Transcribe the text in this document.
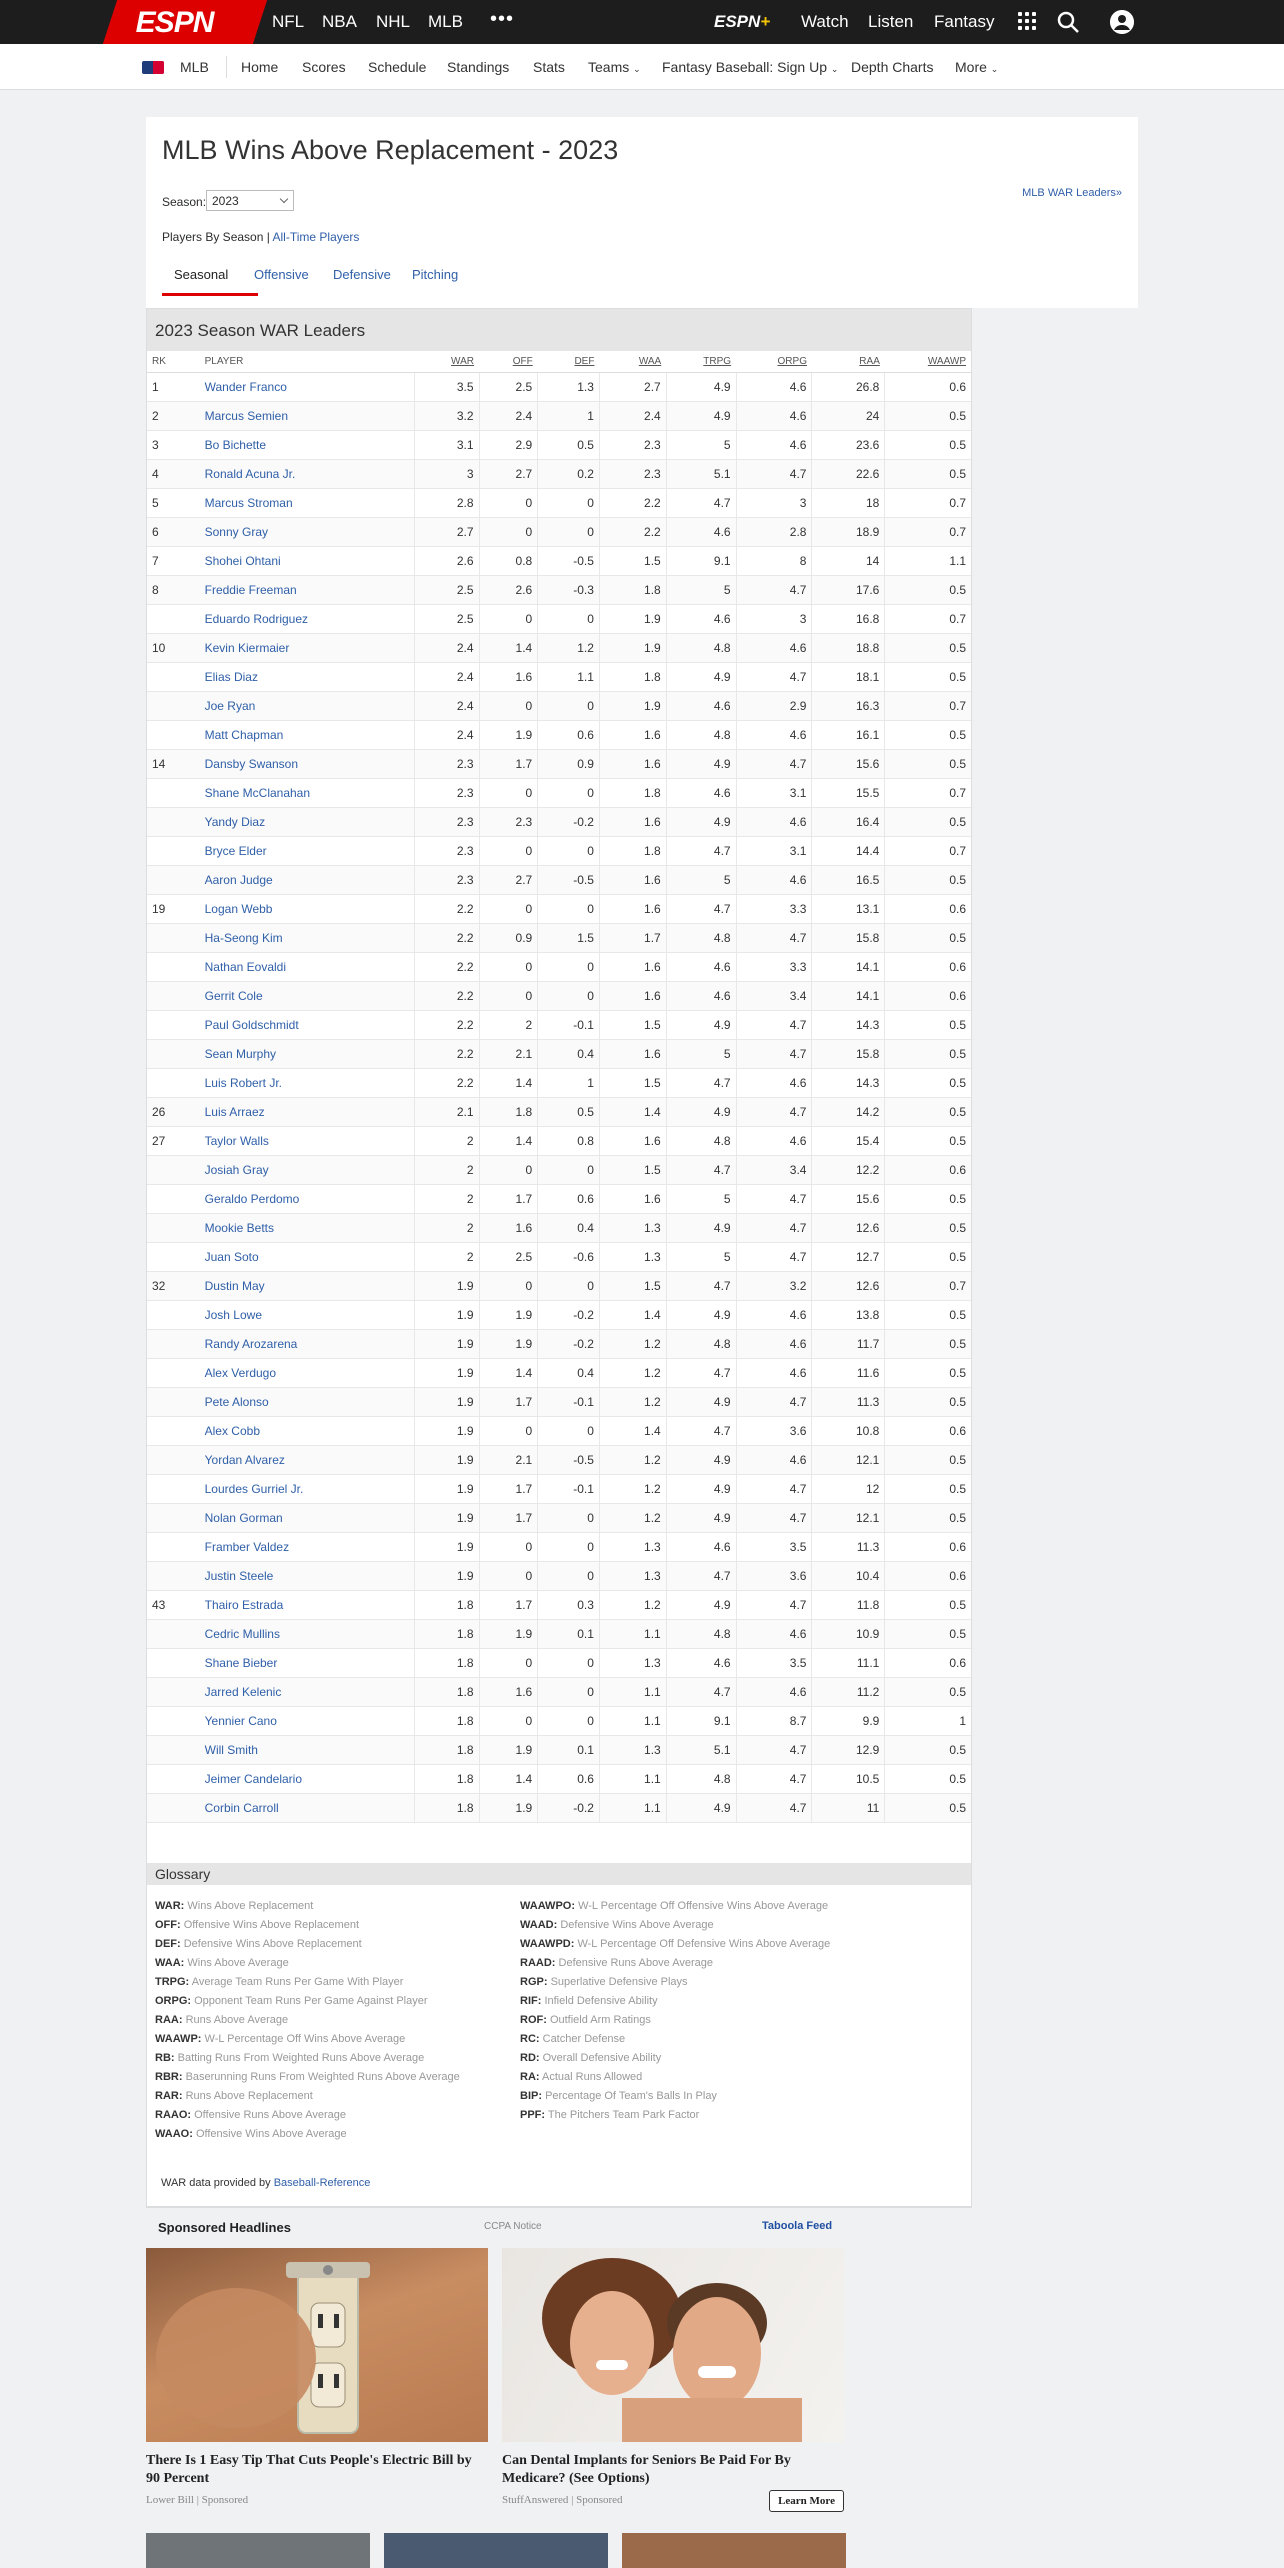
ESPN	NFL NBA NHL MLB •••	ESPN+ Watch Listen Fantasy
MLB Home Scores Schedule Standings Stats Teams ⌄ Fantasy Baseball: Sign Up ⌄ Depth Charts More ⌄
MLB Wins Above Replacement - 2023
Season: 2023
MLB WAR Leaders»
Players By Season | All-Time Players
Seasonal Offensive Defensive Pitching
2023 Season WAR Leaders
RK	PLAYER	WAR	OFF	DEF	WAA	TRPG	ORPG	RAA	WAAWP
1	Wander Franco	3.5	2.5	1.3	2.7	4.9	4.6	26.8	0.6
2	Marcus Semien	3.2	2.4	1	2.4	4.9	4.6	24	0.5
3	Bo Bichette	3.1	2.9	0.5	2.3	5	4.6	23.6	0.5
4	Ronald Acuna Jr.	3	2.7	0.2	2.3	5.1	4.7	22.6	0.5
5	Marcus Stroman	2.8	0	0	2.2	4.7	3	18	0.7
6	Sonny Gray	2.7	0	0	2.2	4.6	2.8	18.9	0.7
7	Shohei Ohtani	2.6	0.8	-0.5	1.5	9.1	8	14	1.1
8	Freddie Freeman	2.5	2.6	-0.3	1.8	5	4.7	17.6	0.5
	Eduardo Rodriguez	2.5	0	0	1.9	4.6	3	16.8	0.7
10	Kevin Kiermaier	2.4	1.4	1.2	1.9	4.8	4.6	18.8	0.5
	Elias Diaz	2.4	1.6	1.1	1.8	4.9	4.7	18.1	0.5
	Joe Ryan	2.4	0	0	1.9	4.6	2.9	16.3	0.7
	Matt Chapman	2.4	1.9	0.6	1.6	4.8	4.6	16.1	0.5
14	Dansby Swanson	2.3	1.7	0.9	1.6	4.9	4.7	15.6	0.5
	Shane McClanahan	2.3	0	0	1.8	4.6	3.1	15.5	0.7
	Yandy Diaz	2.3	2.3	-0.2	1.6	4.9	4.6	16.4	0.5
	Bryce Elder	2.3	0	0	1.8	4.7	3.1	14.4	0.7
	Aaron Judge	2.3	2.7	-0.5	1.6	5	4.6	16.5	0.5
19	Logan Webb	2.2	0	0	1.6	4.7	3.3	13.1	0.6
	Ha-Seong Kim	2.2	0.9	1.5	1.7	4.8	4.7	15.8	0.5
	Nathan Eovaldi	2.2	0	0	1.6	4.6	3.3	14.1	0.6
	Gerrit Cole	2.2	0	0	1.6	4.6	3.4	14.1	0.6
	Paul Goldschmidt	2.2	2	-0.1	1.5	4.9	4.7	14.3	0.5
	Sean Murphy	2.2	2.1	0.4	1.6	5	4.7	15.8	0.5
	Luis Robert Jr.	2.2	1.4	1	1.5	4.7	4.6	14.3	0.5
26	Luis Arraez	2.1	1.8	0.5	1.4	4.9	4.7	14.2	0.5
27	Taylor Walls	2	1.4	0.8	1.6	4.8	4.6	15.4	0.5
	Josiah Gray	2	0	0	1.5	4.7	3.4	12.2	0.6
	Geraldo Perdomo	2	1.7	0.6	1.6	5	4.7	15.6	0.5
	Mookie Betts	2	1.6	0.4	1.3	4.9	4.7	12.6	0.5
	Juan Soto	2	2.5	-0.6	1.3	5	4.7	12.7	0.5
32	Dustin May	1.9	0	0	1.5	4.7	3.2	12.6	0.7
	Josh Lowe	1.9	1.9	-0.2	1.4	4.9	4.6	13.8	0.5
	Randy Arozarena	1.9	1.9	-0.2	1.2	4.8	4.6	11.7	0.5
	Alex Verdugo	1.9	1.4	0.4	1.2	4.7	4.6	11.6	0.5
	Pete Alonso	1.9	1.7	-0.1	1.2	4.9	4.7	11.3	0.5
	Alex Cobb	1.9	0	0	1.4	4.7	3.6	10.8	0.6
	Yordan Alvarez	1.9	2.1	-0.5	1.2	4.9	4.6	12.1	0.5
	Lourdes Gurriel Jr.	1.9	1.7	-0.1	1.2	4.9	4.7	12	0.5
	Nolan Gorman	1.9	1.7	0	1.2	4.9	4.7	12.1	0.5
	Framber Valdez	1.9	0	0	1.3	4.6	3.5	11.3	0.6
	Justin Steele	1.9	0	0	1.3	4.7	3.6	10.4	0.6
43	Thairo Estrada	1.8	1.7	0.3	1.2	4.9	4.7	11.8	0.5
	Cedric Mullins	1.8	1.9	0.1	1.1	4.8	4.6	10.9	0.5
	Shane Bieber	1.8	0	0	1.3	4.6	3.5	11.1	0.6
	Jarred Kelenic	1.8	1.6	0	1.1	4.7	4.6	11.2	0.5
	Yennier Cano	1.8	0	0	1.1	9.1	8.7	9.9	1
	Will Smith	1.8	1.9	0.1	1.3	5.1	4.7	12.9	0.5
	Jeimer Candelario	1.8	1.4	0.6	1.1	4.8	4.7	10.5	0.5
	Corbin Carroll	1.8	1.9	-0.2	1.1	4.9	4.7	11	0.5
Glossary
WAR: Wins Above Replacement
OFF: Offensive Wins Above Replacement
DEF: Defensive Wins Above Replacement
WAA: Wins Above Average
TRPG: Average Team Runs Per Game With Player
ORPG: Opponent Team Runs Per Game Against Player
RAA: Runs Above Average
WAAWP: W-L Percentage Off Wins Above Average
RB: Batting Runs From Weighted Runs Above Average
RBR: Baserunning Runs From Weighted Runs Above Average
RAR: Runs Above Replacement
RAAO: Offensive Runs Above Average
WAAO: Offensive Wins Above Average
WAAWPO: W-L Percentage Off Offensive Wins Above Average
WAAD: Defensive Wins Above Average
WAAWPD: W-L Percentage Off Defensive Wins Above Average
RAAD: Defensive Runs Above Average
RGP: Superlative Defensive Plays
RIF: Infield Defensive Ability
ROF: Outfield Arm Ratings
RC: Catcher Defense
RD: Overall Defensive Ability
RA: Actual Runs Allowed
BIP: Percentage Of Team's Balls In Play
PPF: The Pitchers Team Park Factor
WAR data provided by Baseball-Reference
Sponsored Headlines	CCPA Notice	Taboola Feed
There Is 1 Easy Tip That Cuts People's Electric Bill by 90 Percent
Lower Bill | Sponsored
Can Dental Implants for Seniors Be Paid For By Medicare? (See Options)
StuffAnswered | Sponsored	Learn More
